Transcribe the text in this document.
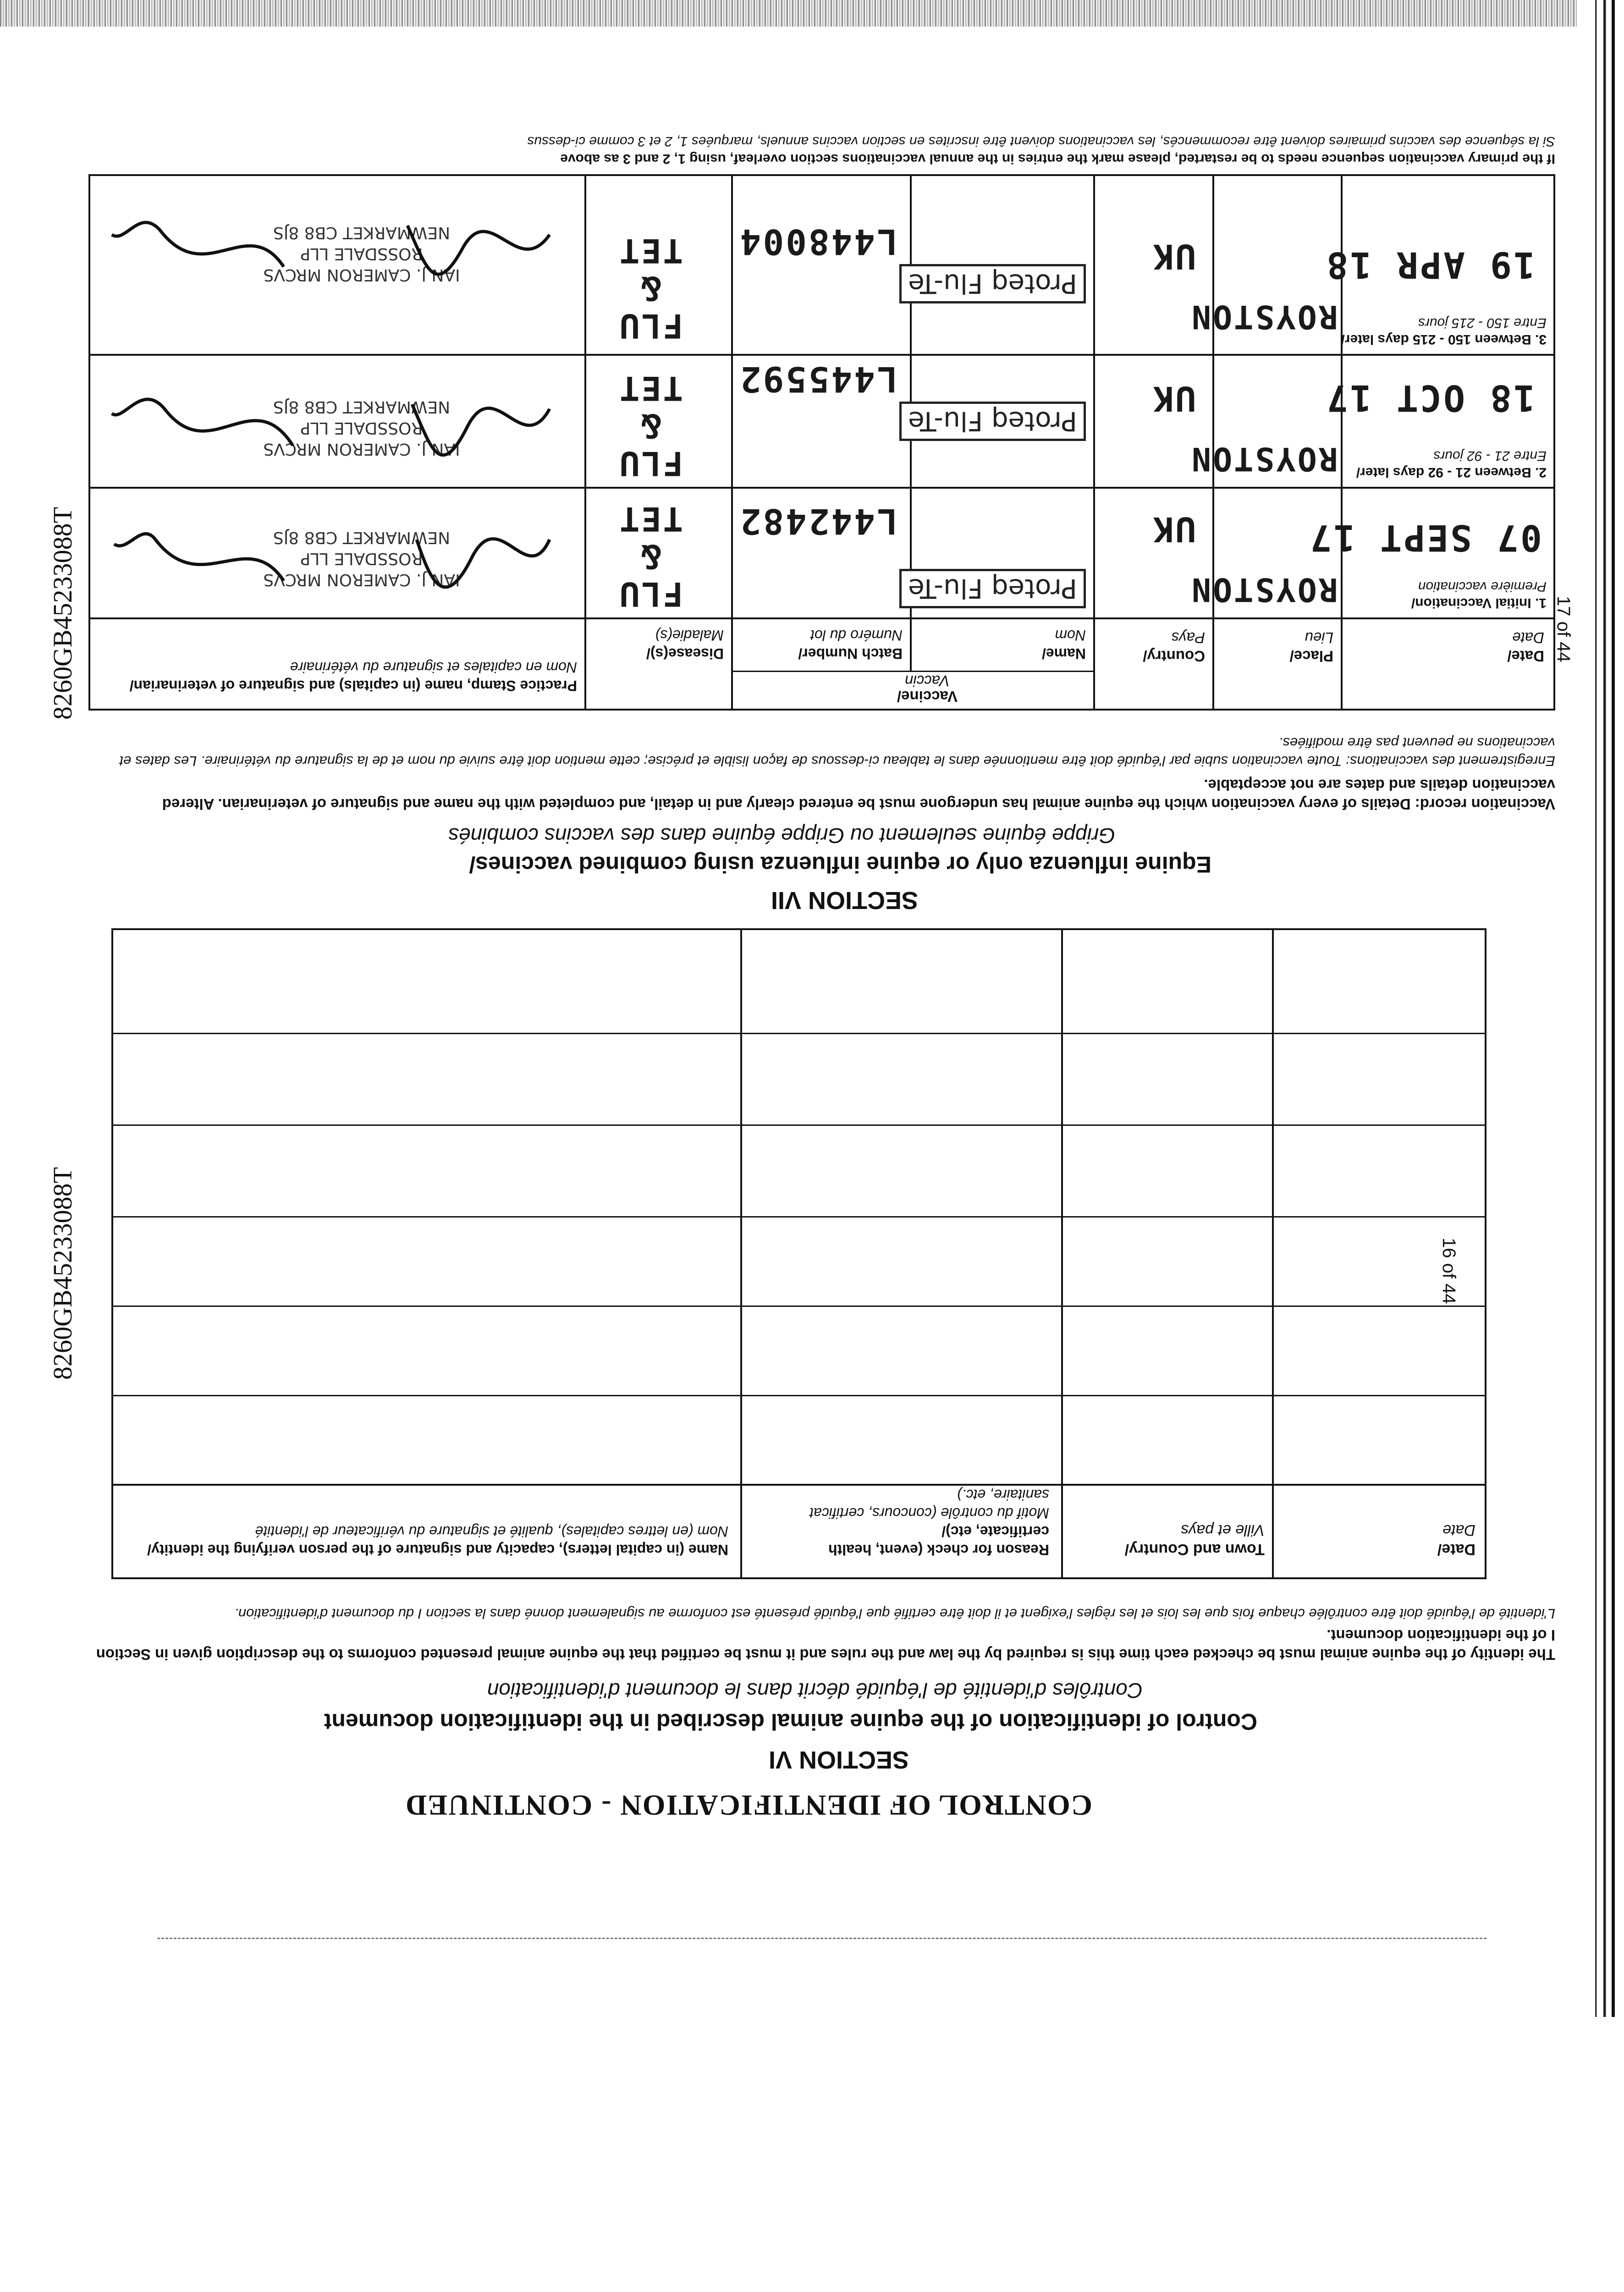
CONTROL OF IDENTIFICATION - CONTINUED
SECTION VI
Control of identification of the equine animal described in the identification document
Contrôles d'identité de l'équidé décrit dans le document d'identification
The identity of the equine animal must be checked each time this is required by the law and the rules and it must be certified that the equine animal presented conforms to the description given in Section I of the identification document.
L'identité de l'équidé doit être contrôlée chaque fois que les lois et les règles l'exigent et il doit être certifié que l'équidé présenté est conforme au signalement donné dans la section I du document d'identification.
Date/
Date
Town and Country/
Ville et pays
Reason for check (event, health certificate, etc)/
Motif du contrôle (concours, certificat sanitaire, etc.)
Name (in capital letters), capacity and signature of the person verifying the identity/
Nom (en lettres capitales), qualité et signature du vérificateur de l'identité
16 of 44
8260GB45233088T
SECTION VII
Equine influenza only or equine influenza using combined vaccines/
Grippe équine seulement ou Grippe équine dans des vaccins combinés
Vaccination record: Details of every vaccination which the equine animal has undergone must be entered clearly and in detail, and completed with the name and signature of veterinarian. Altered vaccination details and dates are not acceptable.
Enregistrement des vaccinations: Toute vaccination subie par l'équidé doit être mentionnée dans le tableau ci-dessous de façon lisible et précise; cette mention doit être suivie du nom et de la signature du vétérinaire. Les dates et vaccinations ne peuvent pas être modifiées.
Date/
Date
Place/
Lieu
Country/
Pays
Vaccine/
Vaccin
Name/
Nom
Batch Number/
Numéro du lot
Disease(s)/
Maladie(s)
Practice Stamp, name (in capitals) and signature of veterinarian/
Nom en capitales et signature du vétérinaire
1. Initial Vaccination/
Première vaccination
07 SEPT 17
ROYSTON
UK
Proteq Flu-Te
L442482
FLU
&
TET
IAN J. CAMERON MRCVS
ROSSDALE LLP
NEWMARKET CB8 8JS
2. Between 21 - 92 days later/
Entre 21 - 92 jours
18 OCT 17
ROYSTON
UK
Proteq Flu-Te
L445592
FLU
&
TET
IAN J. CAMERON MRCVS
ROSSDALE LLP
NEWMARKET CB8 8JS
3. Between 150 - 215 days later/
Entre 150 - 215 jours
19 APR 18
ROYSTON
UK
Proteq Flu-Te
L448004
FLU
&
TET
IAN J. CAMERON MRCVS
ROSSDALE LLP
NEWMARKET CB8 8JS
If the primary vaccination sequence needs to be restarted, please mark the entries in the annual vaccinations section overleaf, using 1, 2 and 3 as above
Si la séquence des vaccins primaires doivent être recommencés, les vaccinations doivent être inscrites en section vaccins annuels, marquées 1, 2 et 3 comme ci-dessus
17 of 44
8260GB45233088T
